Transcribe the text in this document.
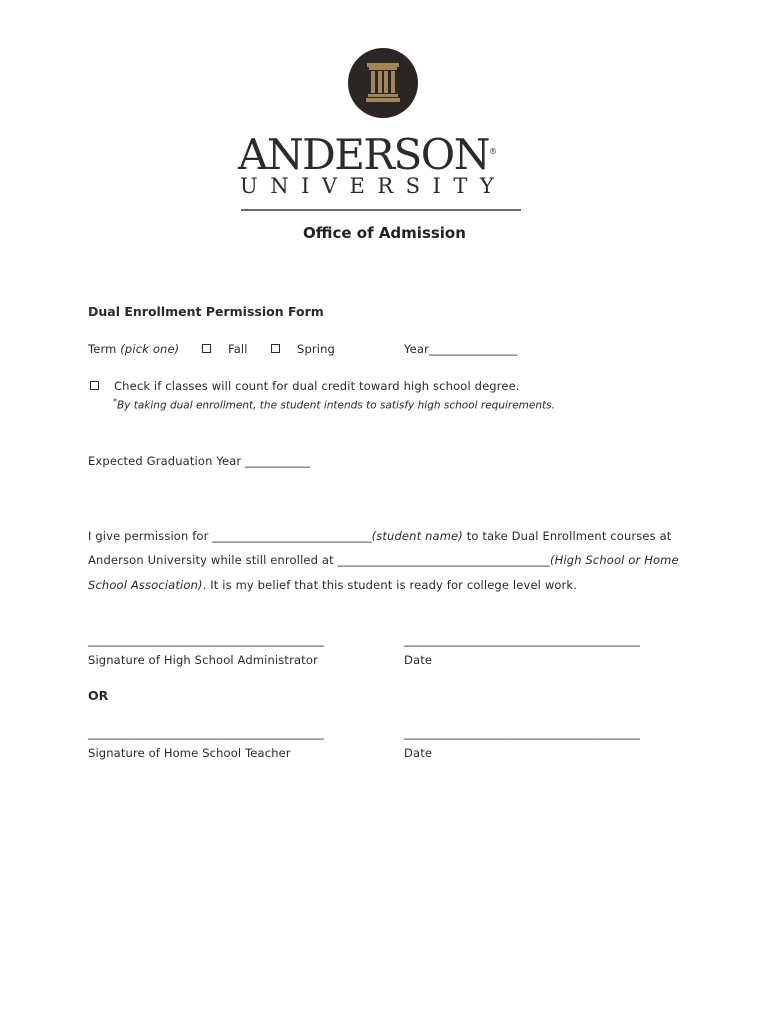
ANDERSON®
UNIVERSITY
Office of Admission
Dual Enrollment Permission Form
Term (pick one)	Fall	Spring	Year_______________
Check if classes will count for dual credit toward high school degree.
*By taking dual enrollment, the student intends to satisfy high school requirements.
Expected Graduation Year ___________
I give permission for ___________________________(student name) to take Dual Enrollment courses at
Anderson University while still enrolled at ____________________________________(High School or Home
School Association). It is my belief that this student is ready for college level work.
________________________________________	________________________________________
Signature of High School Administrator	Date
OR
________________________________________	________________________________________
Signature of Home School Teacher	Date
